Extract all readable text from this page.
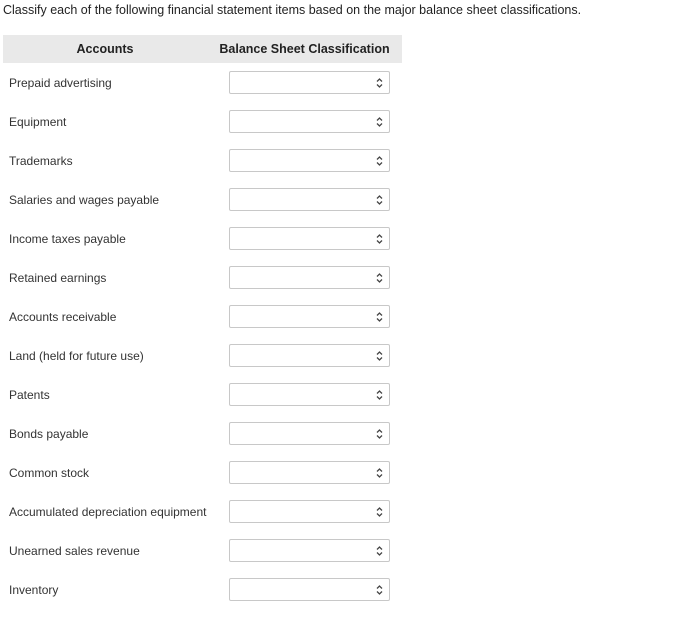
Classify each of the following financial statement items based on the major balance sheet classifications.
Accounts	Balance Sheet Classification
Prepaid advertising
Equipment
Trademarks
Salaries and wages payable
Income taxes payable
Retained earnings
Accounts receivable
Land (held for future use)
Patents
Bonds payable
Common stock
Accumulated depreciation equipment
Unearned sales revenue
Inventory
